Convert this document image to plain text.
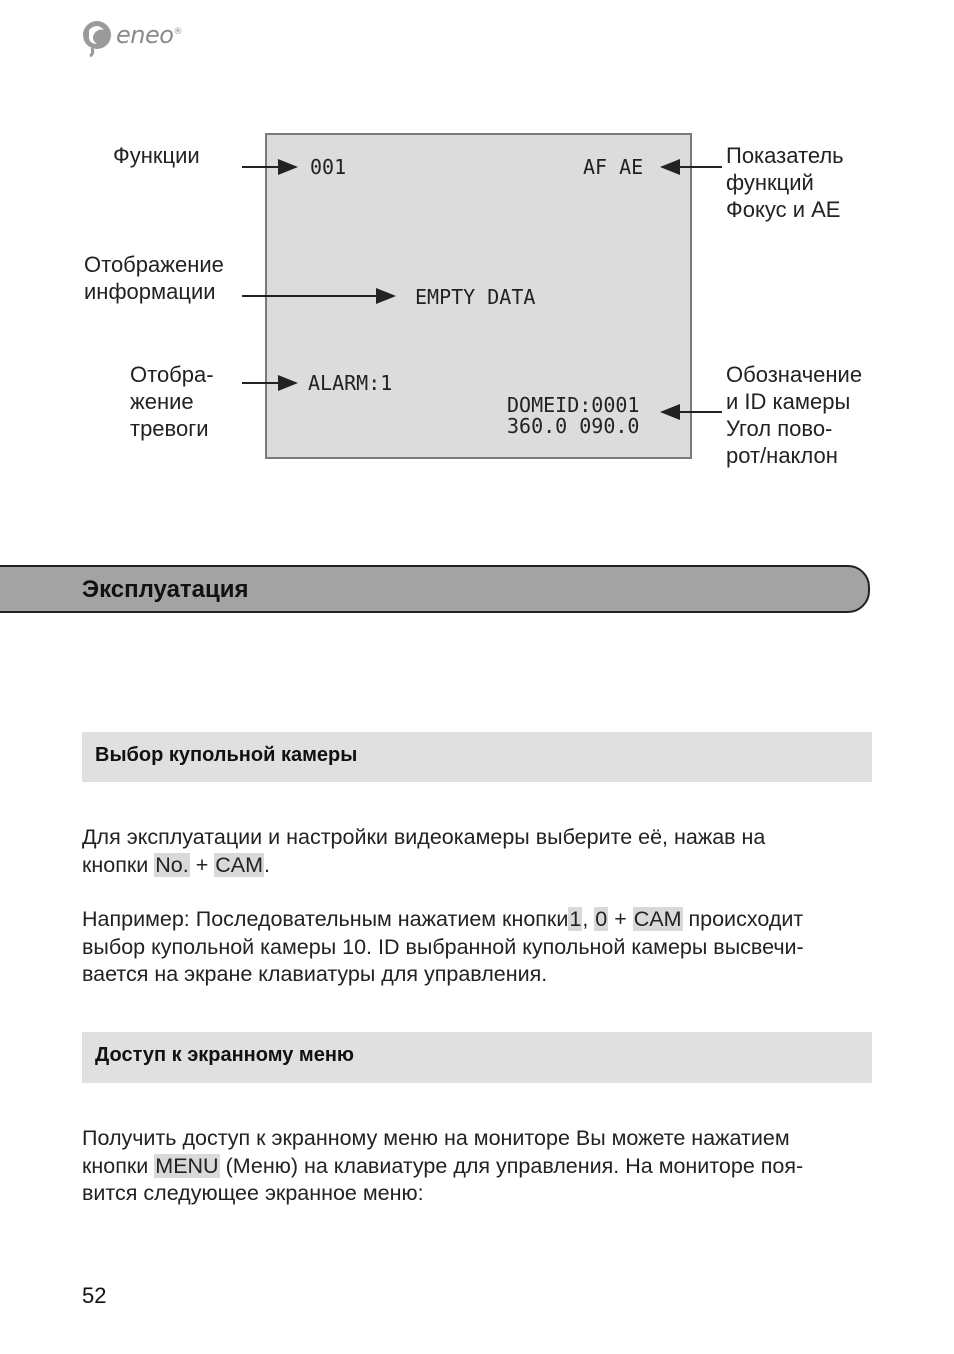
eneo®
Функции
Отображение
информации
Отобра-
жение
тревоги
Показатель
функций
Фокус и AE
Обозначение
и ID камеры
Угол пово-
рот/наклон
001	AF AE
EMPTY DATA
ALARM:1
DOMEID:0001
360.0 090.0
Эксплуатация
Выбор купольной камеры
Для эксплуатации и настройки видеокамеры выберите её, нажав на
кнопки No. + CAM.
Например: Последовательным нажатием кнопки1, 0 + CAM происходит
выбор купольной камеры 10. ID выбранной купольной камеры высвечи-
вается на экране клавиатуры для управления.
Доступ к экранному меню
Получить доступ к экранному меню на мониторе Вы можете нажатием
кнопки MENU (Меню) на клавиатуре для управления. На мониторе поя-
вится следующее экранное меню:
52
